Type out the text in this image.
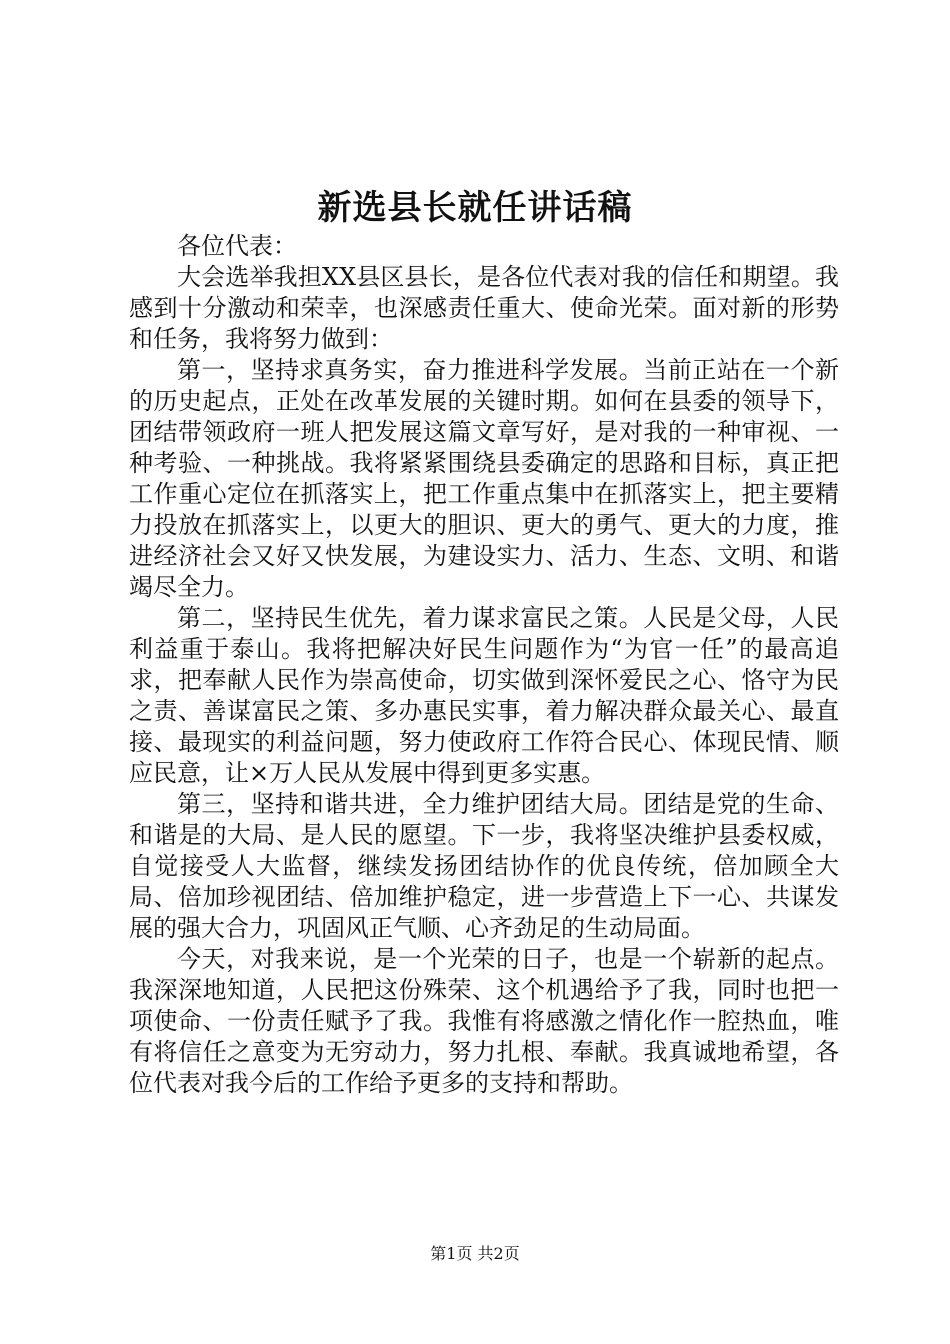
新选县长就任讲话稿

各位代表：

大会选举我担XX县区县长，是各位代表对我的信任和期望。我感到十分激动和荣幸，也深感责任重大、使命光荣。面对新的形势和任务，我将努力做到：

第一，坚持求真务实，奋力推进科学发展。当前正站在一个新的历史起点，正处在改革发展的关键时期。如何在县委的领导下，团结带领政府一班人把发展这篇文章写好，是对我的一种审视、一种考验、一种挑战。我将紧紧围绕县委确定的思路和目标，真正把工作重心定位在抓落实上，把工作重点集中在抓落实上，把主要精力投放在抓落实上，以更大的胆识、更大的勇气、更大的力度，推进经济社会又好又快发展，为建设实力、活力、生态、文明、和谐竭尽全力。

第二，坚持民生优先，着力谋求富民之策。人民是父母，人民利益重于泰山。我将把解决好民生问题作为“为官一任”的最高追求，把奉献人民作为崇高使命，切实做到深怀爱民之心、恪守为民之责、善谋富民之策、多办惠民实事，着力解决群众最关心、最直接、最现实的利益问题，努力使政府工作符合民心、体现民情、顺应民意，让×万人民从发展中得到更多实惠。

第三，坚持和谐共进，全力维护团结大局。团结是党的生命、和谐是的大局、是人民的愿望。下一步，我将坚决维护县委权威，自觉接受人大监督，继续发扬团结协作的优良传统，倍加顾全大局、倍加珍视团结、倍加维护稳定，进一步营造上下一心、共谋发展的强大合力，巩固风正气顺、心齐劲足的生动局面。

今天，对我来说，是一个光荣的日子，也是一个崭新的起点。我深深地知道，人民把这份殊荣、这个机遇给予了我，同时也把一项使命、一份责任赋予了我。我惟有将感激之情化作一腔热血，唯有将信任之意变为无穷动力，努力扎根、奉献。我真诚地希望，各位代表对我今后的工作给予更多的支持和帮助。

第1页 共2页
